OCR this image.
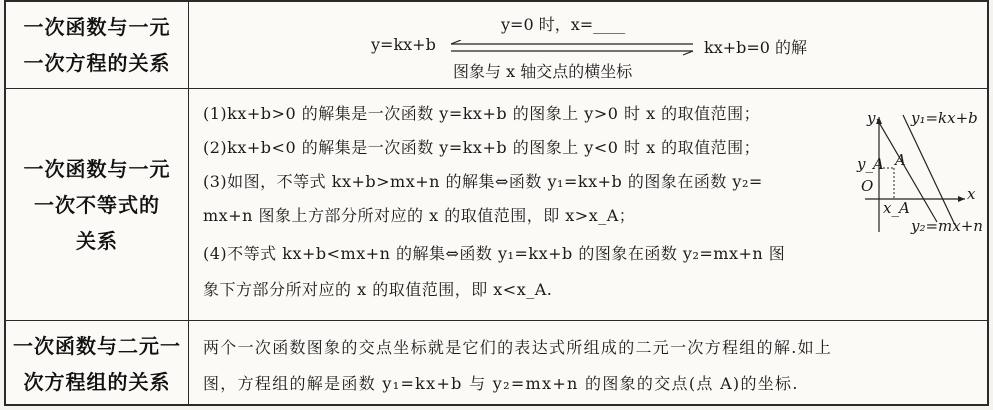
一次函数与一元
一次方程的关系
y=kx+b
y=0 时，x=____
图象与 x 轴交点的横坐标
kx+b=0 的解
一次函数与一元
一次不等式的
关系
(1)kx+b>0 的解集是一次函数 y=kx+b 的图象上 y>0 时 x 的取值范围；
(2)kx+b<0 的解集是一次函数 y=kx+b 的图象上 y<0 时 x 的取值范围；
(3)如图，不等式 kx+b>mx+n 的解集⇔函数 y₁=kx+b 的图象在函数 y₂=
mx+n 图象上方部分所对应的 x 的取值范围，即 x>x_A；
(4)不等式 kx+b<mx+n 的解集⇔函数 y₁=kx+b 的图象在函数 y₂=mx+n 图
象下方部分所对应的 x 的取值范围，即 x<x_A.
y y₁=kx+b
y_A A
O	x
x_A
y₂=mx+n
一次函数与二元一
次方程组的关系
两个一次函数图象的交点坐标就是它们的表达式所组成的二元一次方程组的解.如上
图，方程组的解是函数 y₁=kx+b 与 y₂=mx+n 的图象的交点(点 A)的坐标.
